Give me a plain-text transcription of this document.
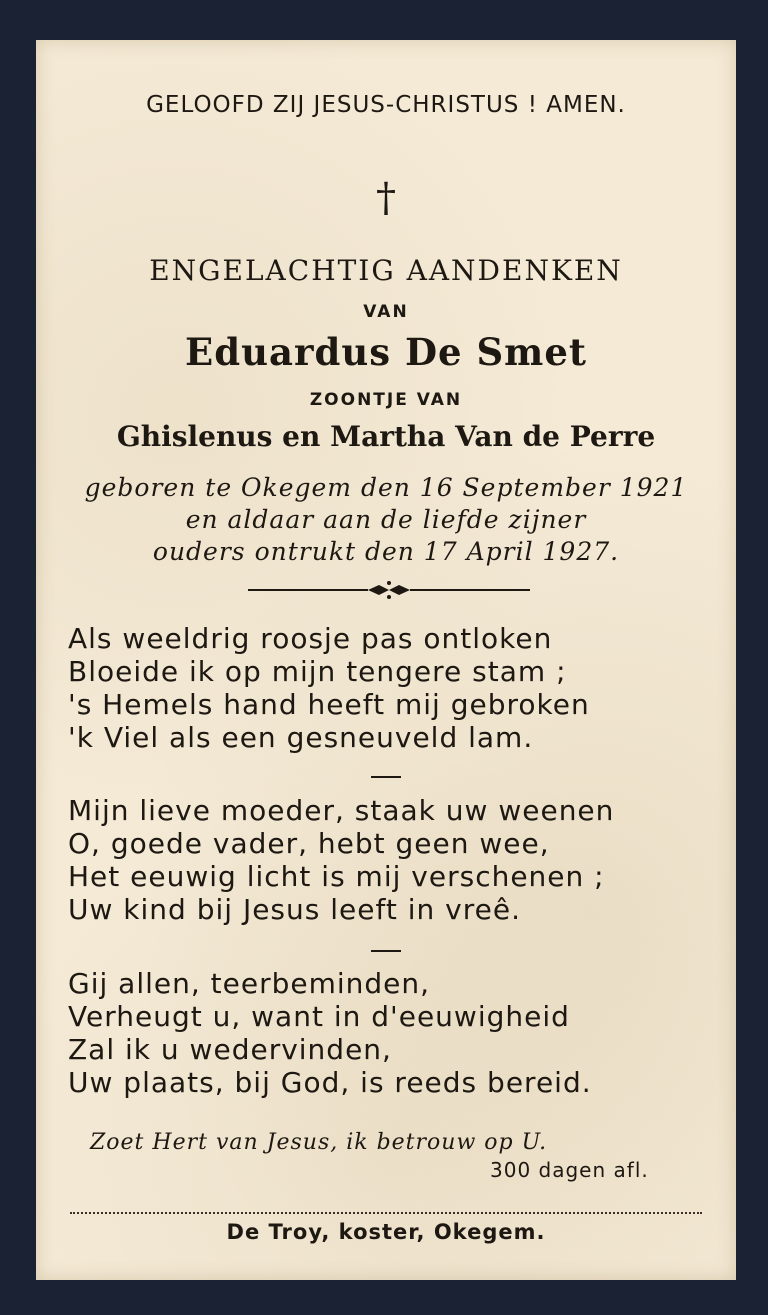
GELOOFD ZIJ JESUS-CHRISTUS ! AMEN.
†
ENGELACHTIG AANDENKEN
VAN
Eduardus De Smet
ZOONTJE VAN
Ghislenus en Martha Van de Perre
geboren te Okegem den 16 September 1921
en aldaar aan de liefde zijner
ouders ontrukt den 17 April 1927.
Als weeldrig roosje pas ontloken
Bloeide ik op mijn tengere stam ;
's Hemels hand heeft mij gebroken
'k Viel als een gesneuveld lam.
Mijn lieve moeder, staak uw weenen
O, goede vader, hebt geen wee,
Het eeuwig licht is mij verschenen ;
Uw kind bij Jesus leeft in vreê.
Gij allen, teerbeminden,
Verheugt u, want in d'eeuwigheid
Zal ik u wedervinden,
Uw plaats, bij God, is reeds bereid.
Zoet Hert van Jesus, ik betrouw op U.
300 dagen afl.
De Troy, koster, Okegem.
